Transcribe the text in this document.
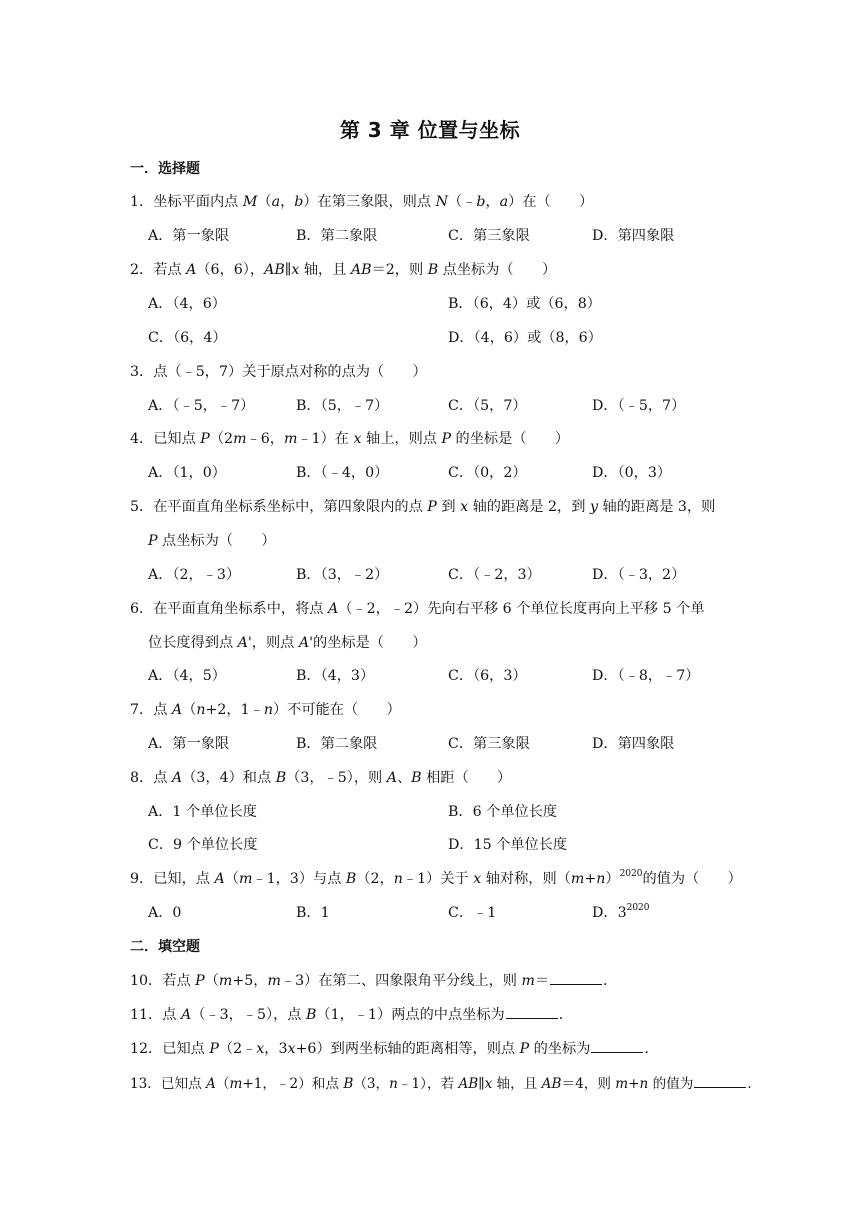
第 3 章 位置与坐标
一．选择题
1．坐标平面内点 M（a，b）在第三象限，则点 N（﹣b，a）在（　　）
A．第一象限	B．第二象限	C．第三象限	D．第四象限
2．若点 A（6，6），AB∥x 轴，且 AB＝2，则 B 点坐标为（　　）
A．（4，6）	B．（6，4）或（6，8）
C．（6，4）	D．（4，6）或（8，6）
3．点（﹣5，7）关于原点对称的点为（　　）
A．（﹣5，﹣7）	B．（5，﹣7）	C．（5，7）	D．（﹣5，7）
4．已知点 P（2m﹣6，m﹣1）在 x 轴上，则点 P 的坐标是（　　）
A．（1，0）	B．（﹣4，0）	C．（0，2）	D．（0，3）
5．在平面直角坐标系坐标中，第四象限内的点 P 到 x 轴的距离是 2，到 y 轴的距离是 3，则
P 点坐标为（　　）
A．（2，﹣3）	B．（3，﹣2）	C．（﹣2，3）	D．（﹣3，2）
6．在平面直角坐标系中，将点 A（﹣2，﹣2）先向右平移 6 个单位长度再向上平移 5 个单
位长度得到点 A'，则点 A'的坐标是（　　）
A．（4，5）	B．（4，3）	C．（6，3）	D．（﹣8，﹣7）
7．点 A（n+2，1﹣n）不可能在（　　）
A．第一象限	B．第二象限	C．第三象限	D．第四象限
8．点 A（3，4）和点 B（3，﹣5），则 A、B 相距（　　）
A．1 个单位长度	B．6 个单位长度
C．9 个单位长度	D．15 个单位长度
9．已知，点 A（m﹣1，3）与点 B（2，n﹣1）关于 x 轴对称，则$(m+n)^{2020}$的值为（　　）
A．0	B．1	C．﹣1	D．$3^{2020}$
二．填空题
10．若点 P（m+5，m﹣3）在第二、四象限角平分线上，则 m＝	．
11．点 A（﹣3，﹣5），点 B（1，﹣1）两点的中点坐标为	．
12．已知点 P（2﹣x，3x+6）到两坐标轴的距离相等，则点 P 的坐标为	．
13．已知点 A（m+1，﹣2）和点 B（3，n﹣1），若 AB∥x 轴，且 AB＝4，则 m+n 的值为	．
